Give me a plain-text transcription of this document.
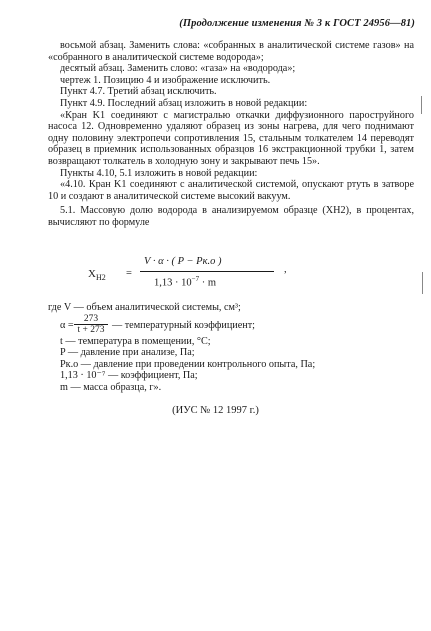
(Продолжение изменения № 3 к ГОСТ 24956—81)

восьмой абзац. Заменить слова: «собранных в аналитической системе газов» на «собранного в аналитической системе водорода»;

десятый абзац. Заменить слово: «газа» на «водорода»;

чертеж 1. Позицию 4 и изображение исключить.

Пункт 4.7. Третий абзац исключить.

Пункт 4.9. Последний абзац изложить в новой редакции:

«Кран K1 соединяют с магистралью откачки диффузионного пароструйного насоса 12. Одновременно удаляют образец из зоны нагрева, для чего поднимают одну половину электропечи сопротивления 15, стальным толкателем 14 переводят образец в приемник использованных образцов 16 экстракционной трубки 1, затем возвращают толкатель в холодную зону и закрывают печь 15».

Пункты 4.10, 5.1 изложить в новой редакции:

«4.10. Кран K1 соединяют с аналитической системой, опускают ртуть в затворе 10 и создают в аналитической системе высокий вакуум.

5.1. Массовую долю водорода в анализируемом образце (XH2), в процентах, вычисляют по формуле

$X_{H2}$ =
V · α · ( P − Pк.о )
$1,13 \cdot 10^{-7} \cdot m$
,
где V — объем аналитической системы, см³;
$\alpha = \frac{273}{t + 273}$ — температурный коэффициент;
t — температура в помещении, °С;
P — давление при анализе, Па;
Pк.о — давление при проведении контрольного опыта, Па;
1,13 · 10⁻⁷ — коэффициент, Па;
m — масса образца, г».
(ИУС № 12 1997 г.)
